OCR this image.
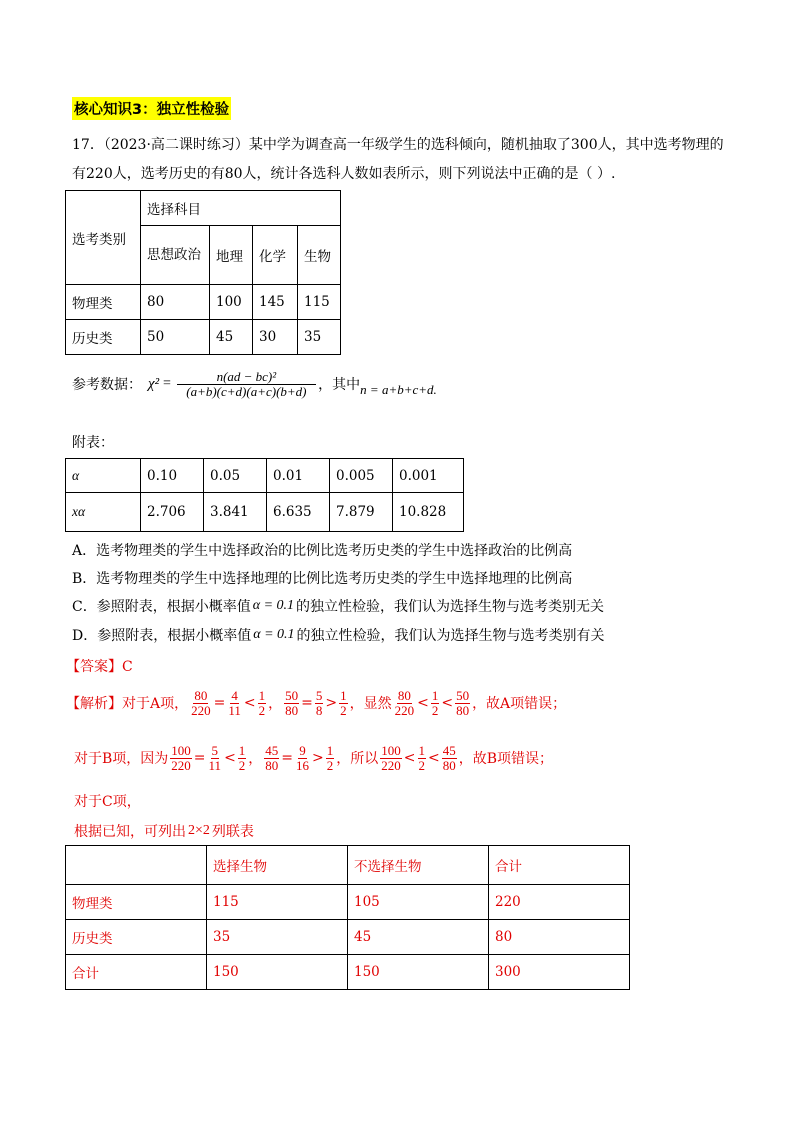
核心知识3：独立性检验
17．（2023·高二课时练习）某中学为调查高一年级学生的选科倾向，随机抽取了300人，其中选考物理的
有220人，选考历史的有80人，统计各选科人数如表所示，则下列说法中正确的是（ ）.
选考类别	选择科目			
	思想政治	地理	化学	生物
物理类	80	100	145	115
历史类	50	45	30	35
参考数据： $\chi^2 = \frac{\text{n(ad − bc)²}}{(a+b)(c+d)(a+c)(b+d)}$ ，其中 n = a+b+c+d.
附表：
α	0.10	0.05	0.01	0.005	0.001
xα	2.706	3.841	6.635	7.879	10.828
A．选考物理类的学生中选择政治的比例比选考历史类的学生中选择政治的比例高
B．选考物理类的学生中选择地理的比例比选考历史类的学生中选择地理的比例高
C．参照附表，根据小概率值 α = 0.1 的独立性检验，我们认为选择生物与选考类别无关
D．参照附表，根据小概率值 α = 0.1 的独立性检验，我们认为选择生物与选考类别有关
【答案】C
【解析】 对于A项， $\frac{80}{220} = \frac{4}{11} < \frac{1}{2}$ ， $\frac{50}{80} = \frac{5}{8} > \frac{1}{2}$ ，显然 $\frac{80}{220} < \frac{1}{2} < \frac{50}{80}$ ，故A项错误；
对于B项，因为 $\frac{100}{220} = \frac{5}{11} < \frac{1}{2}$ ， $\frac{45}{80} = \frac{9}{16} > \frac{1}{2}$ ，所以 $\frac{100}{220} < \frac{1}{2} < \frac{45}{80}$ ，故B项错误；
对于C项，
根据已知，可列出 2×2 列联表
	选择生物	不选择生物	合计
物理类	115	105	220
历史类	35	45	80
合计	150	150	300
